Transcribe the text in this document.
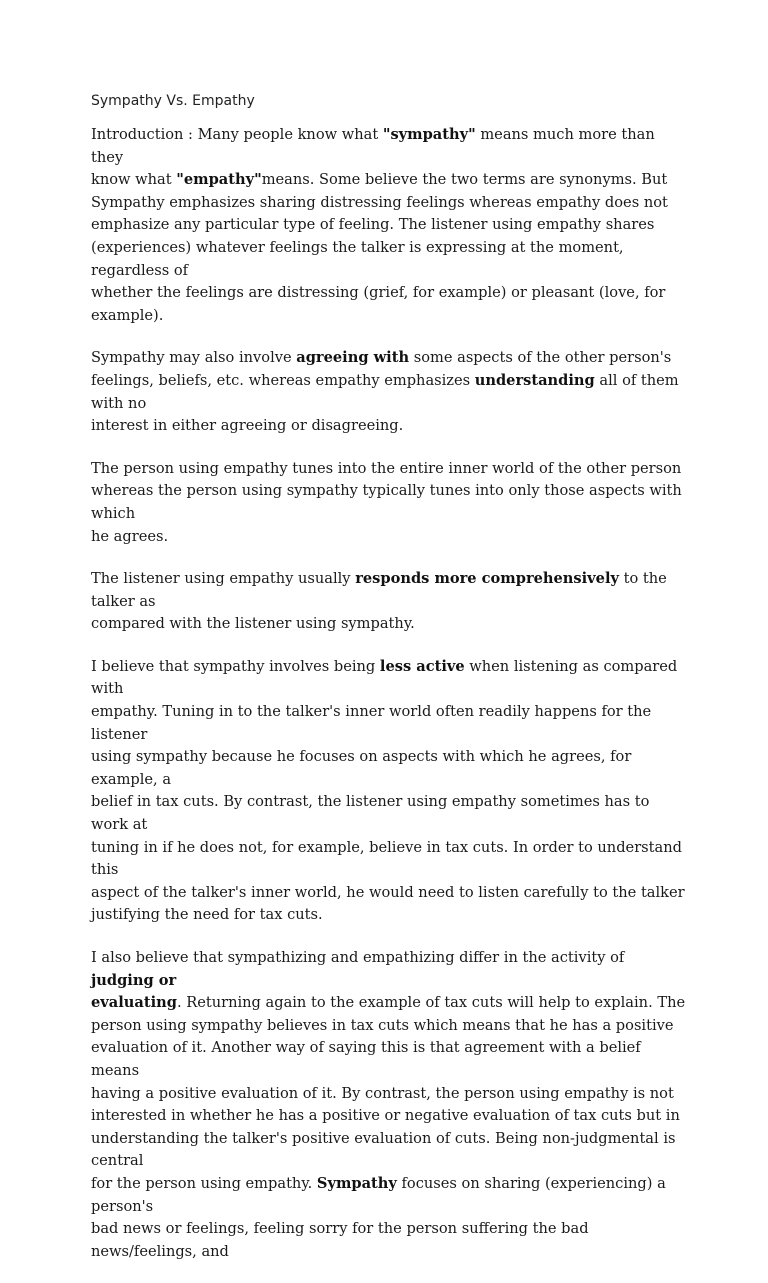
Sympathy Vs. Empathy

Introduction : Many people know what "sympathy" means much more than they
know what "empathy"means. Some believe the two terms are synonyms. But
Sympathy emphasizes sharing distressing feelings whereas empathy does not
emphasize any particular type of feeling. The listener using empathy shares
(experiences) whatever feelings the talker is expressing at the moment, regardless of
whether the feelings are distressing (grief, for example) or pleasant (love, for
example).

Sympathy may also involve agreeing with some aspects of the other person's
feelings, beliefs, etc. whereas empathy emphasizes understanding all of them with no
interest in either agreeing or disagreeing.

The person using empathy tunes into the entire inner world of the other person
whereas the person using sympathy typically tunes into only those aspects with which
he agrees.

The listener using empathy usually responds more comprehensively to the talker as
compared with the listener using sympathy.

I believe that sympathy involves being less active when listening as compared with
empathy. Tuning in to the talker's inner world often readily happens for the listener
using sympathy because he focuses on aspects with which he agrees, for example, a
belief in tax cuts. By contrast, the listener using empathy sometimes has to work at
tuning in if he does not, for example, believe in tax cuts. In order to understand this
aspect of the talker's inner world, he would need to listen carefully to the talker
justifying the need for tax cuts.

I also believe that sympathizing and empathizing differ in the activity of judging or
evaluating. Returning again to the example of tax cuts will help to explain. The
person using sympathy believes in tax cuts which means that he has a positive
evaluation of it. Another way of saying this is that agreement with a belief means
having a positive evaluation of it. By contrast, the person using empathy is not
interested in whether he has a positive or negative evaluation of tax cuts but in
understanding the talker's positive evaluation of cuts. Being non-judgmental is central
for the person using empathy. Sympathy focuses on sharing (experiencing) a person's
bad news or feelings, feeling sorry for the person suffering the bad news/feelings, and
